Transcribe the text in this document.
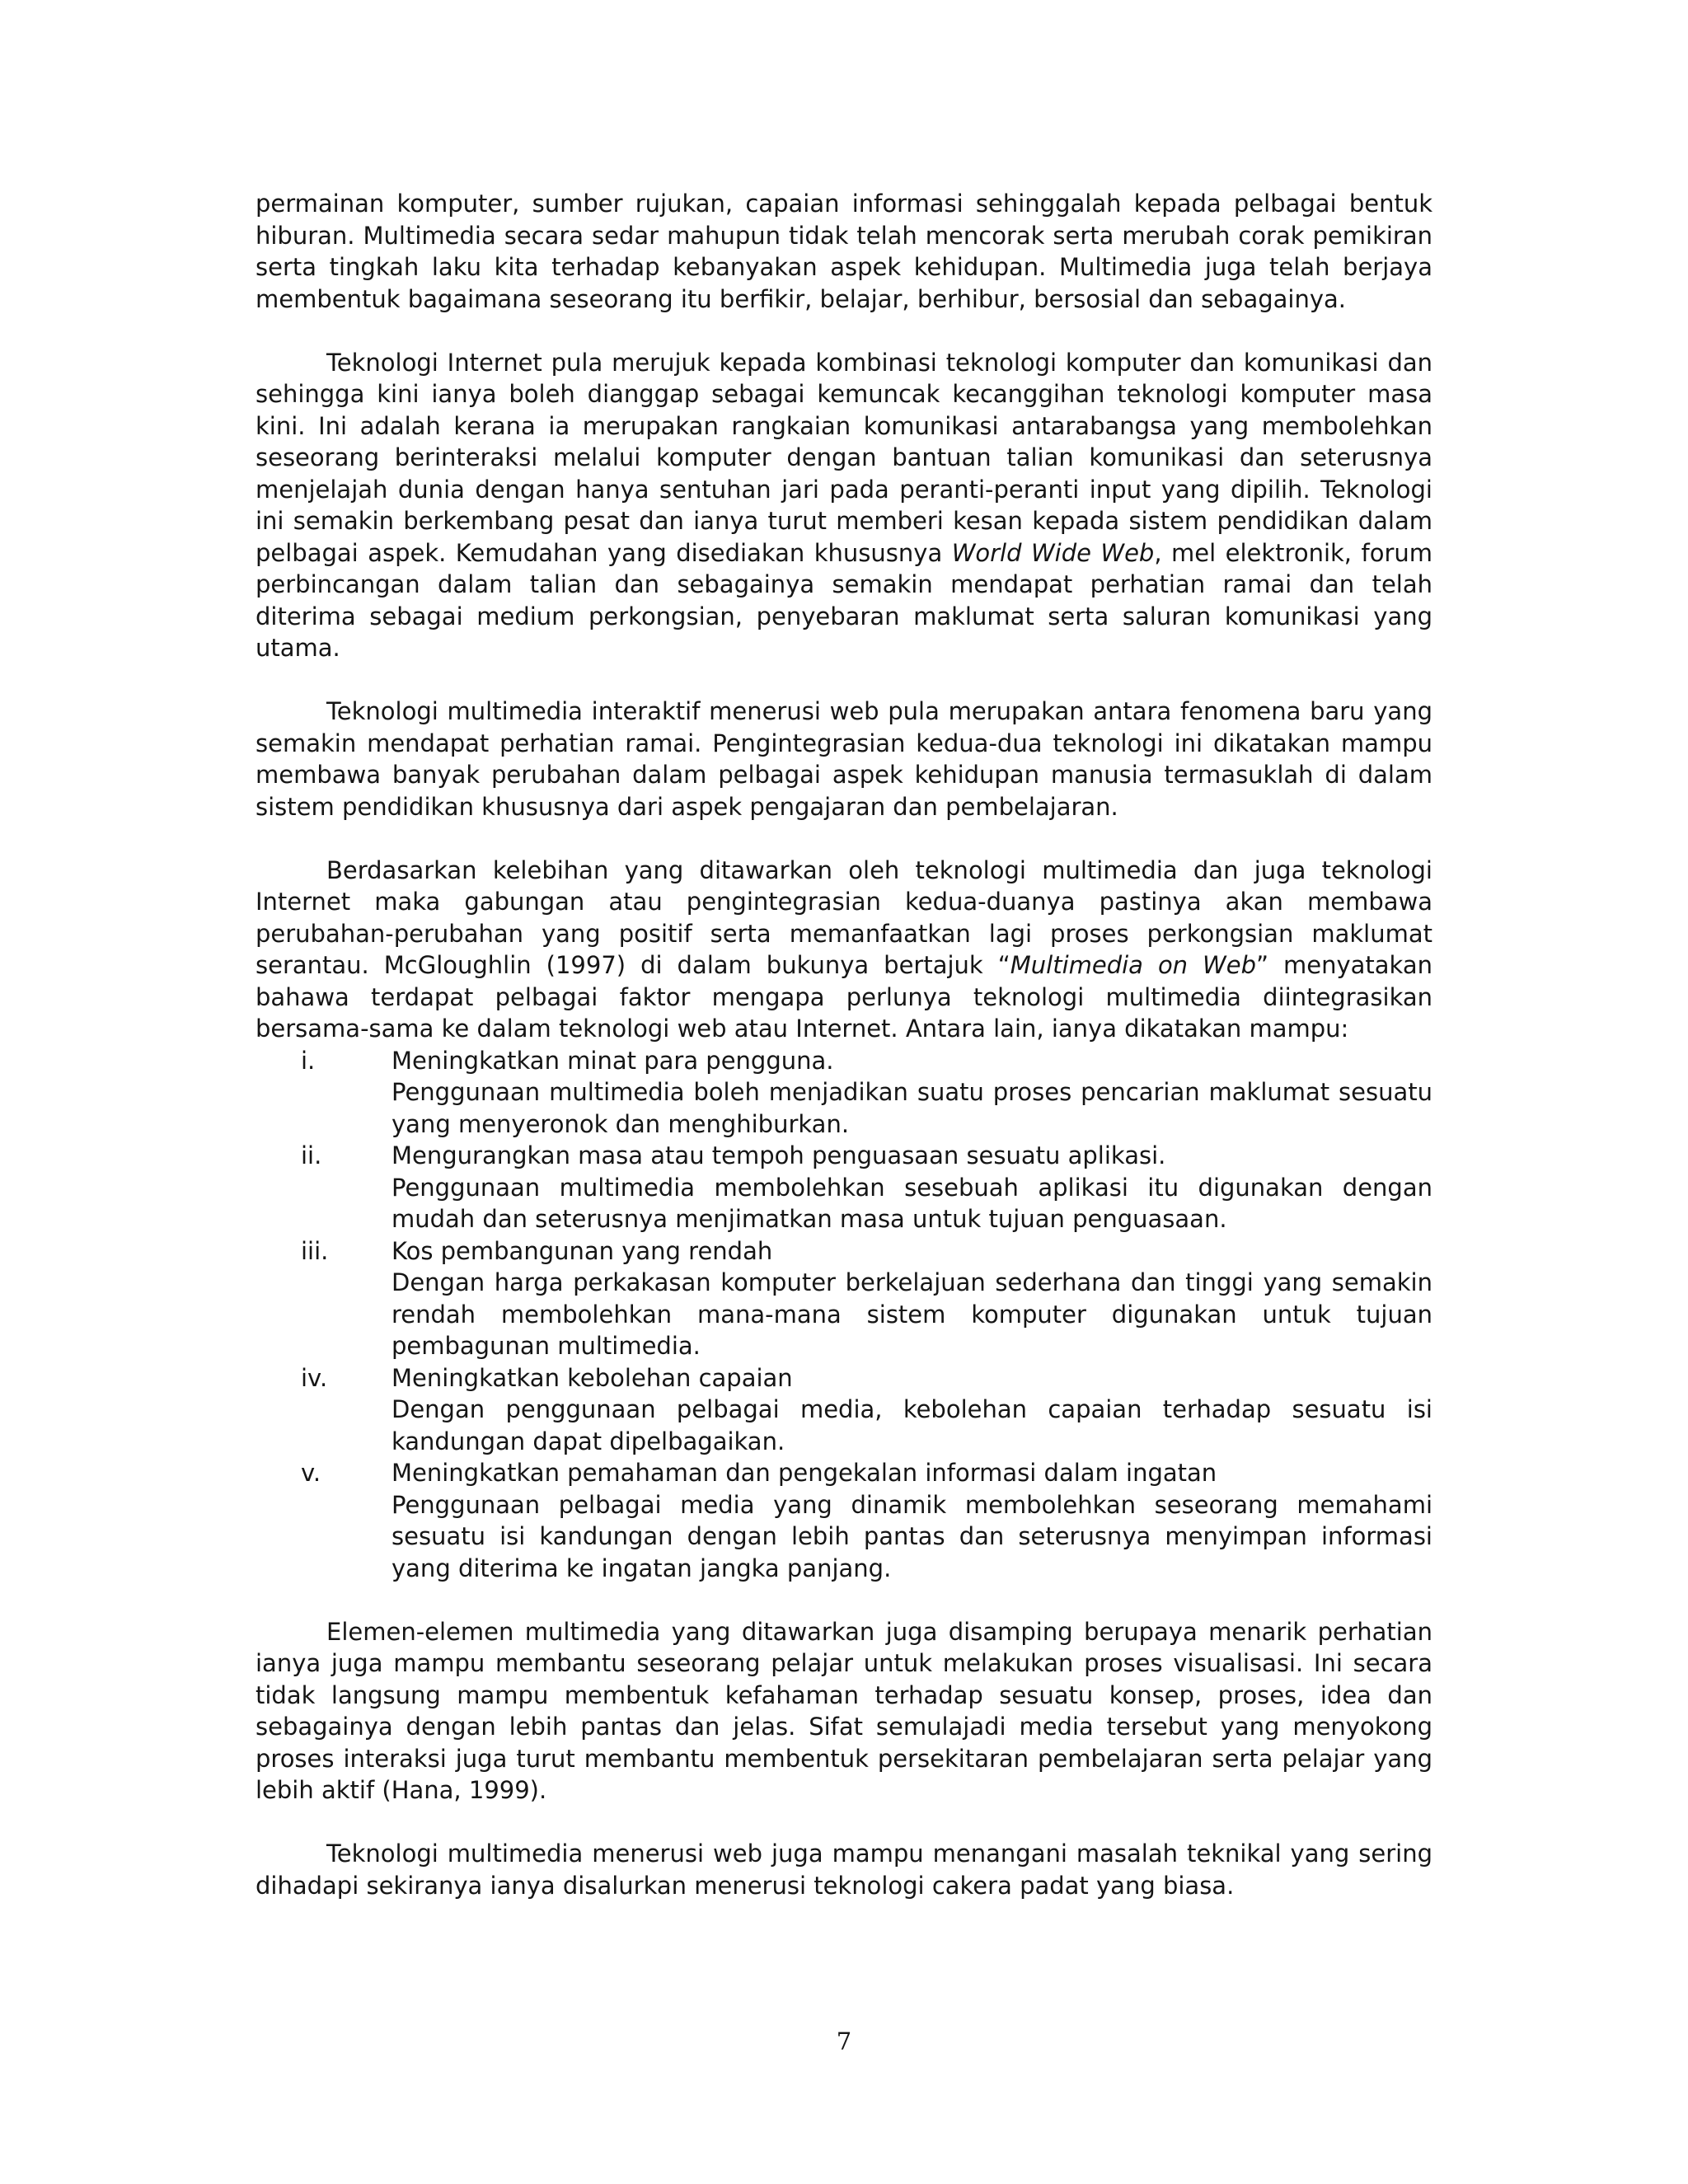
permainan komputer, sumber rujukan, capaian informasi sehinggalah kepada pelbagai bentuk hiburan. Multimedia secara sedar mahupun tidak telah mencorak serta merubah corak pemikiran serta tingkah laku kita terhadap kebanyakan aspek kehidupan. Multimedia juga telah berjaya membentuk bagaimana seseorang itu berfikir, belajar, berhibur, bersosial dan sebagainya.

Teknologi Internet pula merujuk kepada kombinasi teknologi komputer dan komunikasi dan sehingga kini ianya boleh dianggap sebagai kemuncak kecanggihan teknologi komputer masa kini. Ini adalah kerana ia merupakan rangkaian komunikasi antarabangsa yang membolehkan seseorang berinteraksi melalui komputer dengan bantuan talian komunikasi dan seterusnya menjelajah dunia dengan hanya sentuhan jari pada peranti-peranti input yang dipilih. Teknologi ini semakin berkembang pesat dan ianya turut memberi kesan kepada sistem pendidikan dalam pelbagai aspek. Kemudahan yang disediakan khususnya World Wide Web, mel elektronik, forum perbincangan dalam talian dan sebagainya semakin mendapat perhatian ramai dan telah diterima sebagai medium perkongsian, penyebaran maklumat serta saluran komunikasi yang utama.

Teknologi multimedia interaktif menerusi web pula merupakan antara fenomena baru yang semakin mendapat perhatian ramai. Pengintegrasian kedua-dua teknologi ini dikatakan mampu membawa banyak perubahan dalam pelbagai aspek kehidupan manusia termasuklah di dalam sistem pendidikan khususnya dari aspek pengajaran dan pembelajaran.

Berdasarkan kelebihan yang ditawarkan oleh teknologi multimedia dan juga teknologi Internet maka gabungan atau pengintegrasian kedua-duanya pastinya akan membawa perubahan-perubahan yang positif serta memanfaatkan lagi proses perkongsian maklumat serantau. McGloughlin (1997) di dalam bukunya bertajuk “Multimedia on Web” menyatakan bahawa terdapat pelbagai faktor mengapa perlunya teknologi multimedia diintegrasikan bersama-sama ke dalam teknologi web atau Internet. Antara lain, ianya dikatakan mampu:

i.	Meningkatkan minat para pengguna.
Penggunaan multimedia boleh menjadikan suatu proses pencarian maklumat sesuatu yang menyeronok dan menghiburkan.
ii.	Mengurangkan masa atau tempoh penguasaan sesuatu aplikasi.
Penggunaan multimedia membolehkan sesebuah aplikasi itu digunakan dengan mudah dan seterusnya menjimatkan masa untuk tujuan penguasaan.
iii.	Kos pembangunan yang rendah
Dengan harga perkakasan komputer berkelajuan sederhana dan tinggi yang semakin rendah membolehkan mana-mana sistem komputer digunakan untuk tujuan pembagunan multimedia.
iv.	Meningkatkan kebolehan capaian
Dengan penggunaan pelbagai media, kebolehan capaian terhadap sesuatu isi kandungan dapat dipelbagaikan.
v.	Meningkatkan pemahaman dan pengekalan informasi dalam ingatan
Penggunaan pelbagai media yang dinamik membolehkan seseorang memahami sesuatu isi kandungan dengan lebih pantas dan seterusnya menyimpan informasi yang diterima ke ingatan jangka panjang.

Elemen-elemen multimedia yang ditawarkan juga disamping berupaya menarik perhatian ianya juga mampu membantu seseorang pelajar untuk melakukan proses visualisasi. Ini secara tidak langsung mampu membentuk kefahaman terhadap sesuatu konsep, proses, idea dan sebagainya dengan lebih pantas dan jelas. Sifat semulajadi media tersebut yang menyokong proses interaksi juga turut membantu membentuk persekitaran pembelajaran serta pelajar yang lebih aktif (Hana, 1999).

Teknologi multimedia menerusi web juga mampu menangani masalah teknikal yang sering dihadapi sekiranya ianya disalurkan menerusi teknologi cakera padat yang biasa.

7
